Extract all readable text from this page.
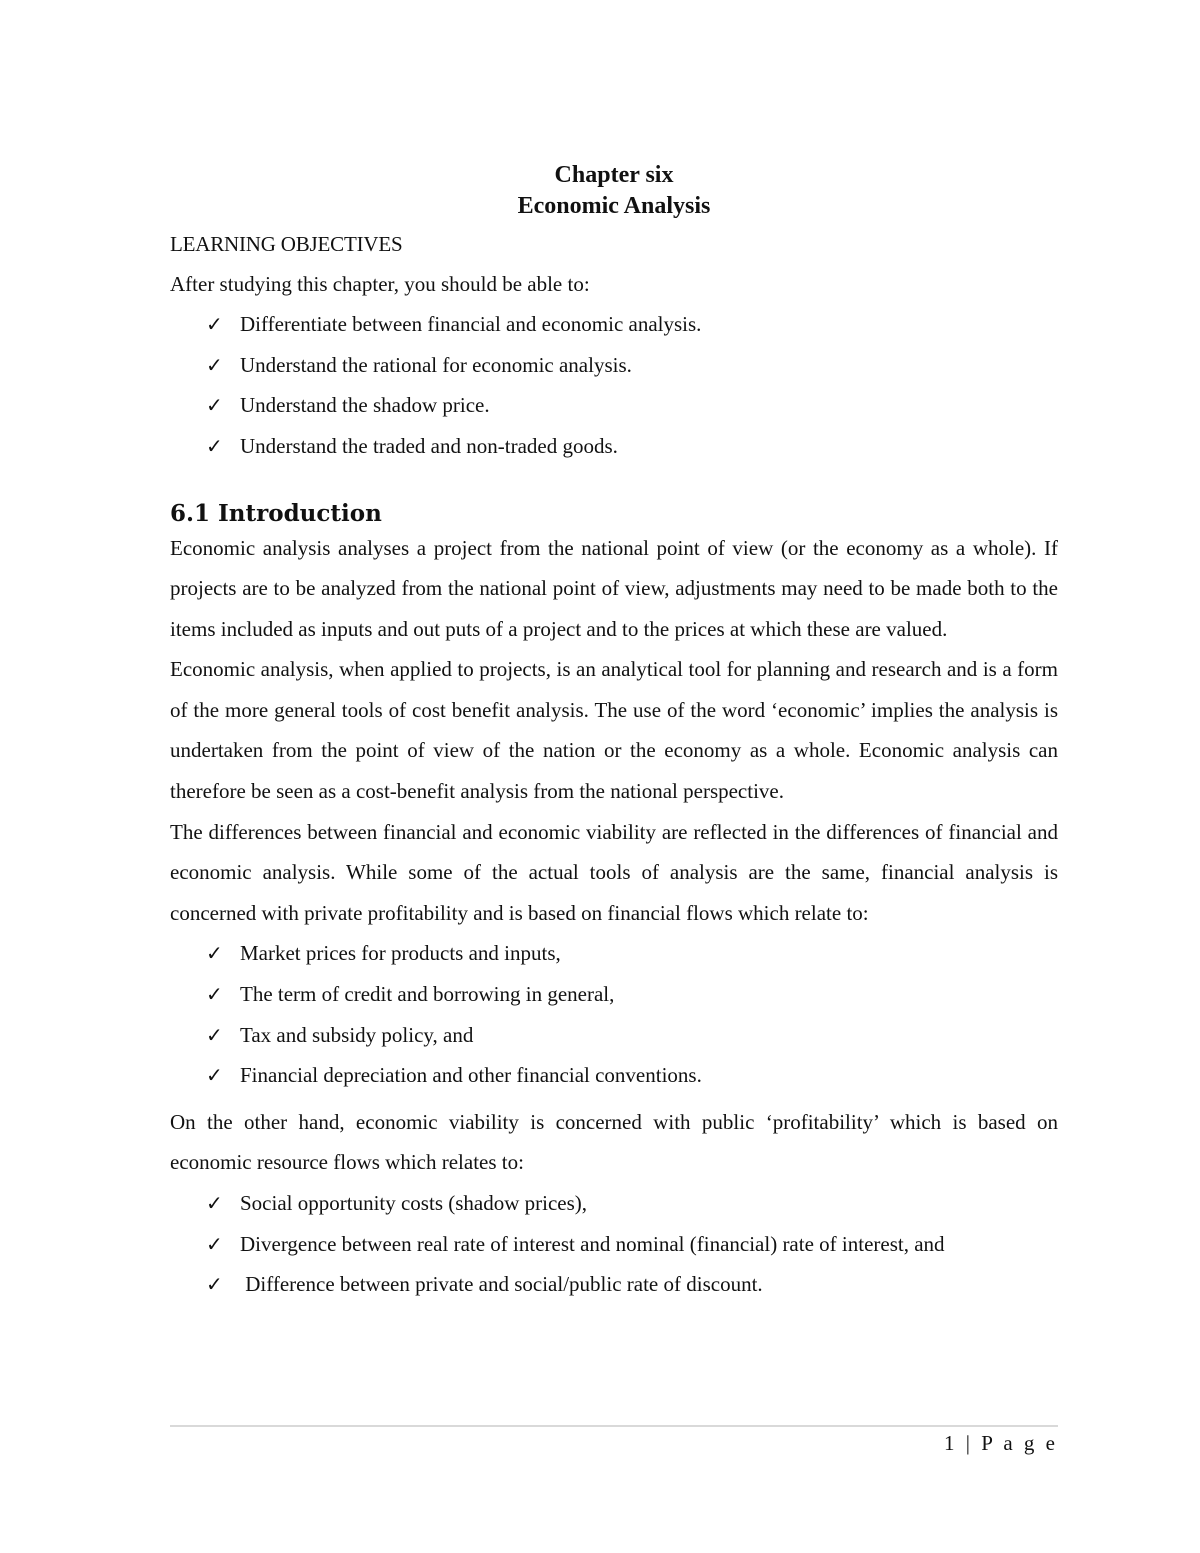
Chapter six

Economic Analysis

LEARNING OBJECTIVES
After studying this chapter, you should be able to:
✓ Differentiate between financial and economic analysis.
✓ Understand the rational for economic analysis.
✓ Understand the shadow price.
✓ Understand the traded and non-traded goods.
6.1 Introduction

Economic analysis analyses a project from the national point of view (or the economy as a whole). If projects are to be analyzed from the national point of view, adjustments may need to be made both to the items included as inputs and out puts of a project and to the prices at which these are valued.

Economic analysis, when applied to projects, is an analytical tool for planning and research and is a form of the more general tools of cost benefit analysis. The use of the word ‘economic’ implies the analysis is undertaken from the point of view of the nation or the economy as a whole. Economic analysis can therefore be seen as a cost-benefit analysis from the national perspective.

The differences between financial and economic viability are reflected in the differences of financial and economic analysis. While some of the actual tools of analysis are the same, financial analysis is concerned with private profitability and is based on financial flows which relate to:

✓ Market prices for products and inputs,
✓ The term of credit and borrowing in general,
✓ Tax and subsidy policy, and
✓ Financial depreciation and other financial conventions.

On the other hand, economic viability is concerned with public ‘profitability’ which is based on economic resource flows which relates to:

✓ Social opportunity costs (shadow prices),
✓ Divergence between real rate of interest and nominal (financial) rate of interest, and
✓ Difference between private and social/public rate of discount.
1 | P a g e
